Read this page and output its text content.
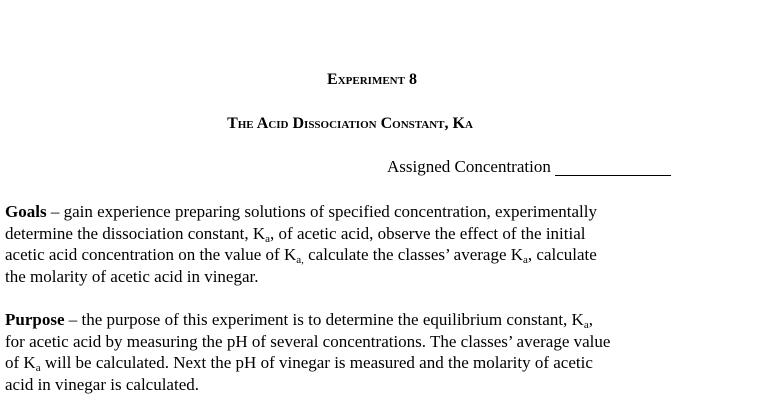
Experiment 8
The Acid Dissociation Constant, KA
Assigned Concentration
Goals – gain experience preparing solutions of specified concentration, experimentally
determine the dissociation constant, $K_a$, of acetic acid, observe the effect of the initial
acetic acid concentration on the value of $K_{a,}$ calculate the classes’ average $K_a$, calculate
the molarity of acetic acid in vinegar.
Purpose – the purpose of this experiment is to determine the equilibrium constant, $K_a$,
for acetic acid by measuring the pH of several concentrations. The classes’ average value
of $K_a$ will be calculated. Next the pH of vinegar is measured and the molarity of acetic
acid in vinegar is calculated.
